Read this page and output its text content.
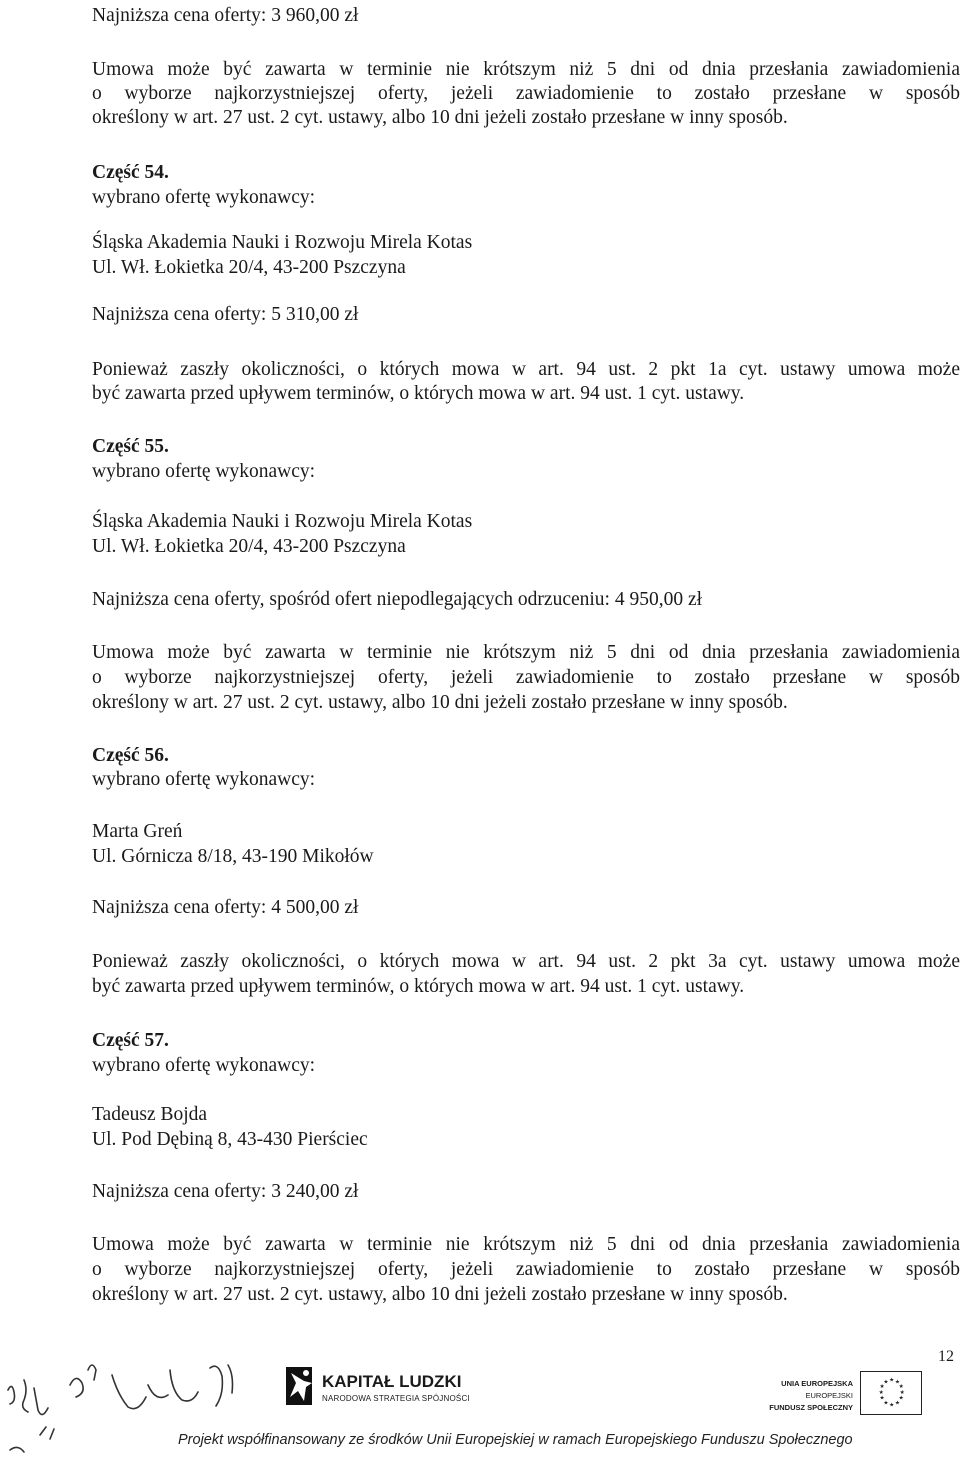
Najniższa cena oferty: 3 960,00 zł
Umowa może być zawarta w terminie nie krótszym niż 5 dni od dnia przesłania zawiadomienia
o wyborze najkorzystniejszej oferty, jeżeli zawiadomienie to zostało przesłane w sposób
określony w art. 27 ust. 2 cyt. ustawy, albo 10 dni jeżeli zostało przesłane w inny sposób.
Część 54.
wybrano ofertę wykonawcy:
Śląska Akademia Nauki i Rozwoju Mirela Kotas
Ul. Wł. Łokietka 20/4, 43-200 Pszczyna
Najniższa cena oferty: 5 310,00 zł
Ponieważ zaszły okoliczności, o których mowa w art. 94 ust. 2 pkt 1a cyt. ustawy umowa może
być zawarta przed upływem terminów, o których mowa w art. 94 ust. 1 cyt. ustawy.
Część 55.
wybrano ofertę wykonawcy:
Śląska Akademia Nauki i Rozwoju Mirela Kotas
Ul. Wł. Łokietka 20/4, 43-200 Pszczyna
Najniższa cena oferty, spośród ofert niepodlegających odrzuceniu: 4 950,00 zł
Umowa może być zawarta w terminie nie krótszym niż 5 dni od dnia przesłania zawiadomienia
o wyborze najkorzystniejszej oferty, jeżeli zawiadomienie to zostało przesłane w sposób
określony w art. 27 ust. 2 cyt. ustawy, albo 10 dni jeżeli zostało przesłane w inny sposób.
Część 56.
wybrano ofertę wykonawcy:
Marta Greń
Ul. Górnicza 8/18, 43-190 Mikołów
Najniższa cena oferty: 4 500,00 zł
Ponieważ zaszły okoliczności, o których mowa w art. 94 ust. 2 pkt 3a cyt. ustawy umowa może
być zawarta przed upływem terminów, o których mowa w art. 94 ust. 1 cyt. ustawy.
Część 57.
wybrano ofertę wykonawcy:
Tadeusz Bojda
Ul. Pod Dębiną 8, 43-430 Pierściec
Najniższa cena oferty: 3 240,00 zł
Umowa może być zawarta w terminie nie krótszym niż 5 dni od dnia przesłania zawiadomienia
o wyborze najkorzystniejszej oferty, jeżeli zawiadomienie to zostało przesłane w sposób
określony w art. 27 ust. 2 cyt. ustawy, albo 10 dni jeżeli zostało przesłane w inny sposób.
KAPITAŁ LUDZKI
NARODOWA STRATEGIA SPÓJNOŚCI
UNIA EUROPEJSKA
EUROPEJSKI
FUNDUSZ SPOŁECZNY
★ ★
★
★
★
★
★
★
★
★
★
★
12
Projekt współfinansowany ze środków Unii Europejskiej w ramach Europejskiego Funduszu Społecznego
